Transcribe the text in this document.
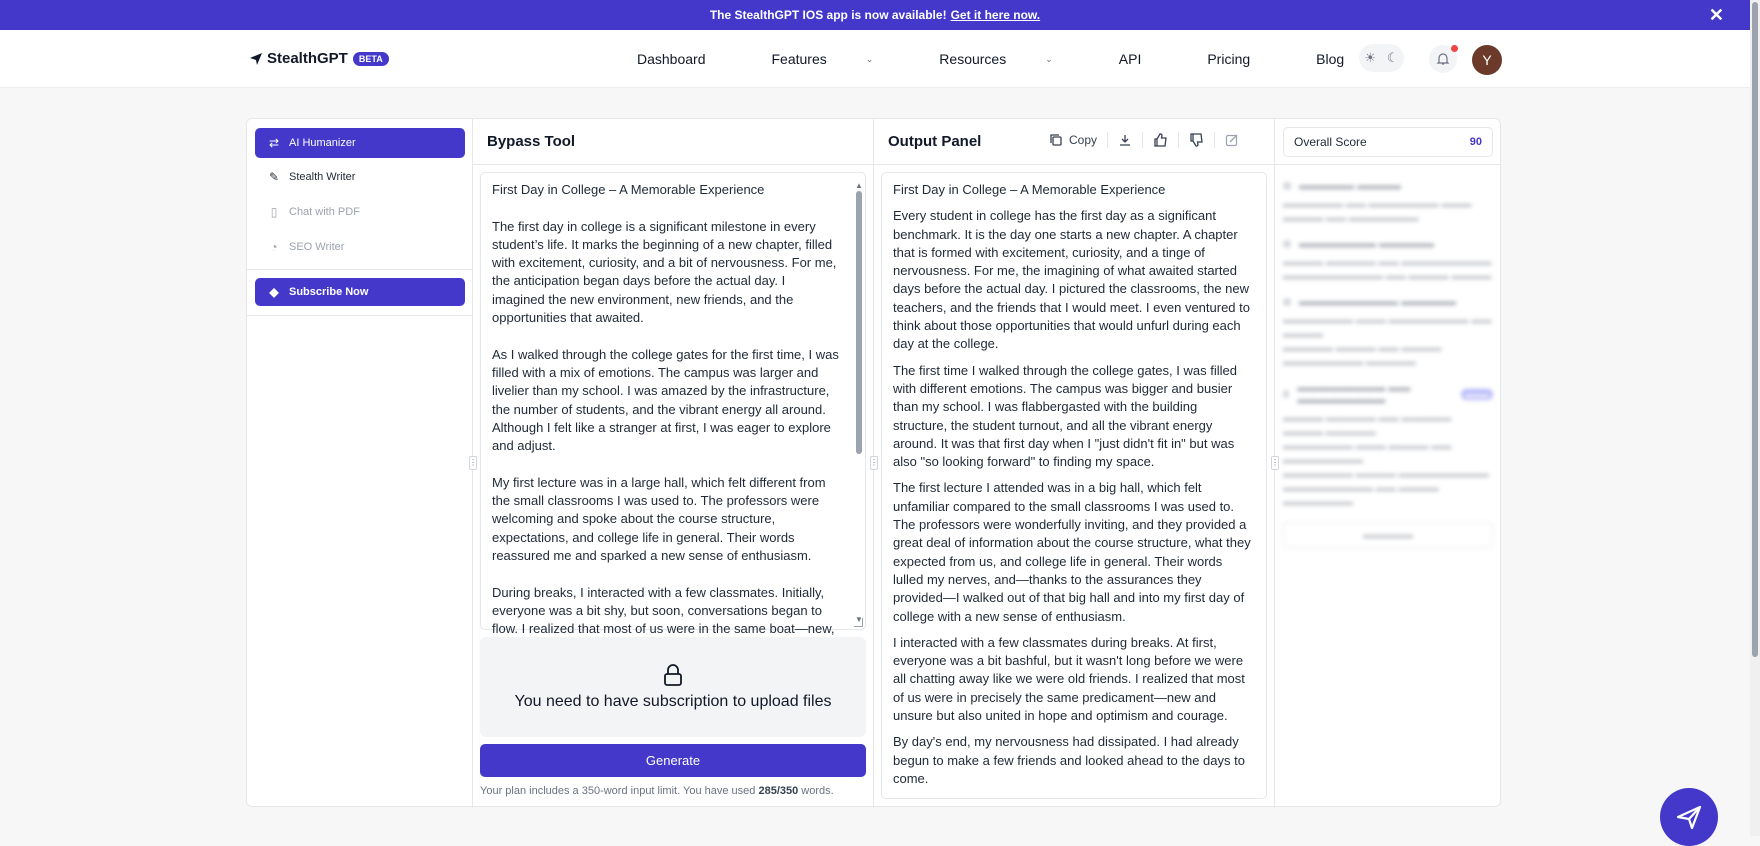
The StealthGPT IOS app is now available! Get it here now.	✕
StealthGPT	BETA	Dashboard	Features	⌄	Resources	⌄	API	Pricing	Blog ☀ ☾	Y
⇄ AI Humanizer
✎ Stealth Writer
▯	Chat with PDF
◔	SEO Writer
◆ Subscribe Now
Bypass Tool	Output Panel	Copy
⋮	⋮	⋮

First Day in College – A Memorable Experience

The first day in college is a significant milestone in every student’s life. It marks the beginning of a new chapter, filled with excitement, curiosity, and a bit of nervousness. For me, the anticipation began days before the actual day. I imagined the new environment, new friends, and the opportunities that awaited.

As I walked through the college gates for the first time, I was filled with a mix of emotions. The campus was larger and livelier than my school. I was amazed by the infrastructure, the number of students, and the vibrant energy all around. Although I felt like a stranger at first, I was eager to explore and adjust.

My first lecture was in a large hall, which felt different from the small classrooms I was used to. The professors were welcoming and spoke about the course structure, expectations, and college life in general. Their words reassured me and sparked a new sense of enthusiasm.

During breaks, I interacted with a few classmates. Initially, everyone was a bit shy, but soon, conversations began to flow. I realized that most of us were in the same boat—new,

▲
▼
You need to have subscription to upload files
Generate
Your plan includes a 350-word input limit. You have used 285/350 words.

First Day in College – A Memorable Experience

Every student in college has the first day as a significant benchmark. It is the day one starts a new chapter. A chapter that is formed with excitement, curiosity, and a tinge of nervousness. For me, the imagining of what awaited started days before the actual day. I pictured the classrooms, the new teachers, and the friends that I would meet. I even ventured to think about those opportunities that would unfurl during each day at the college.

The first time I walked through the college gates, I was filled with different emotions. The campus was bigger and busier than my school. I was flabbergasted with the building structure, the student turnout, and all the vibrant energy around. It was that first day when I "just didn't fit in" but was also "so looking forward" to finding my space.

The first lecture I attended was in a big hall, which felt unfamiliar compared to the small classrooms I was used to. The professors were wonderfully inviting, and they provided a great deal of information about the course structure, what they expected from us, and college life in general. Their words lulled my nerves, and—thanks to the assurances they provided—I walked out of that big hall and into my first day of college with a new sense of enthusiasm.

I interacted with a few classmates during breaks. At first, everyone was a bit bashful, but it wasn't long before we were all chatting away like we were old friends. I realized that most of us were in precisely the same predicament—new and unsure but also united in hope and optimism and courage.

By day's end, my nervousness had dissipated. I had already begun to make a few friends and looked ahead to the days to come.

Overall Score	90
▬▬▬▬▬ ▬▬▬▬
▬▬▬▬▬▬ ▬▬ ▬▬▬▬▬▬▬ ▬▬▬
▬▬▬▬ ▬▬ ▬▬▬▬▬▬▬
▬▬▬▬▬▬▬ ▬▬▬▬▬
▬▬▬▬ ▬▬▬▬▬ ▬▬ ▬▬▬▬▬▬▬▬▬
▬▬▬▬▬▬▬▬▬▬ ▬▬ ▬▬▬▬ ▬▬▬▬
▬▬▬▬▬▬▬▬▬ ▬▬▬▬▬
▬▬▬▬▬▬▬ ▬▬▬ ▬▬▬▬▬▬▬▬ ▬▬ ▬▬▬▬
▬▬▬▬▬ ▬▬▬▬ ▬▬ ▬▬▬▬ ▬▬▬▬▬▬▬▬ ▬▬▬▬▬
▬▬▬▬▬▬▬▬ ▬▬ ▬▬▬▬▬▬▬▬	▬▬▬
▬▬▬▬ ▬▬▬▬▬ ▬▬ ▬▬▬▬▬ ▬▬▬▬ ▬▬▬▬▬
▬▬▬▬▬▬▬ ▬▬▬ ▬▬▬▬ ▬▬ ▬▬▬▬▬▬▬▬
▬▬▬▬▬▬▬ ▬▬▬▬ ▬▬▬▬▬▬▬▬▬
▬▬▬▬▬▬▬▬▬ ▬▬ ▬▬▬▬ ▬▬▬▬▬▬▬
▬▬▬▬▬
